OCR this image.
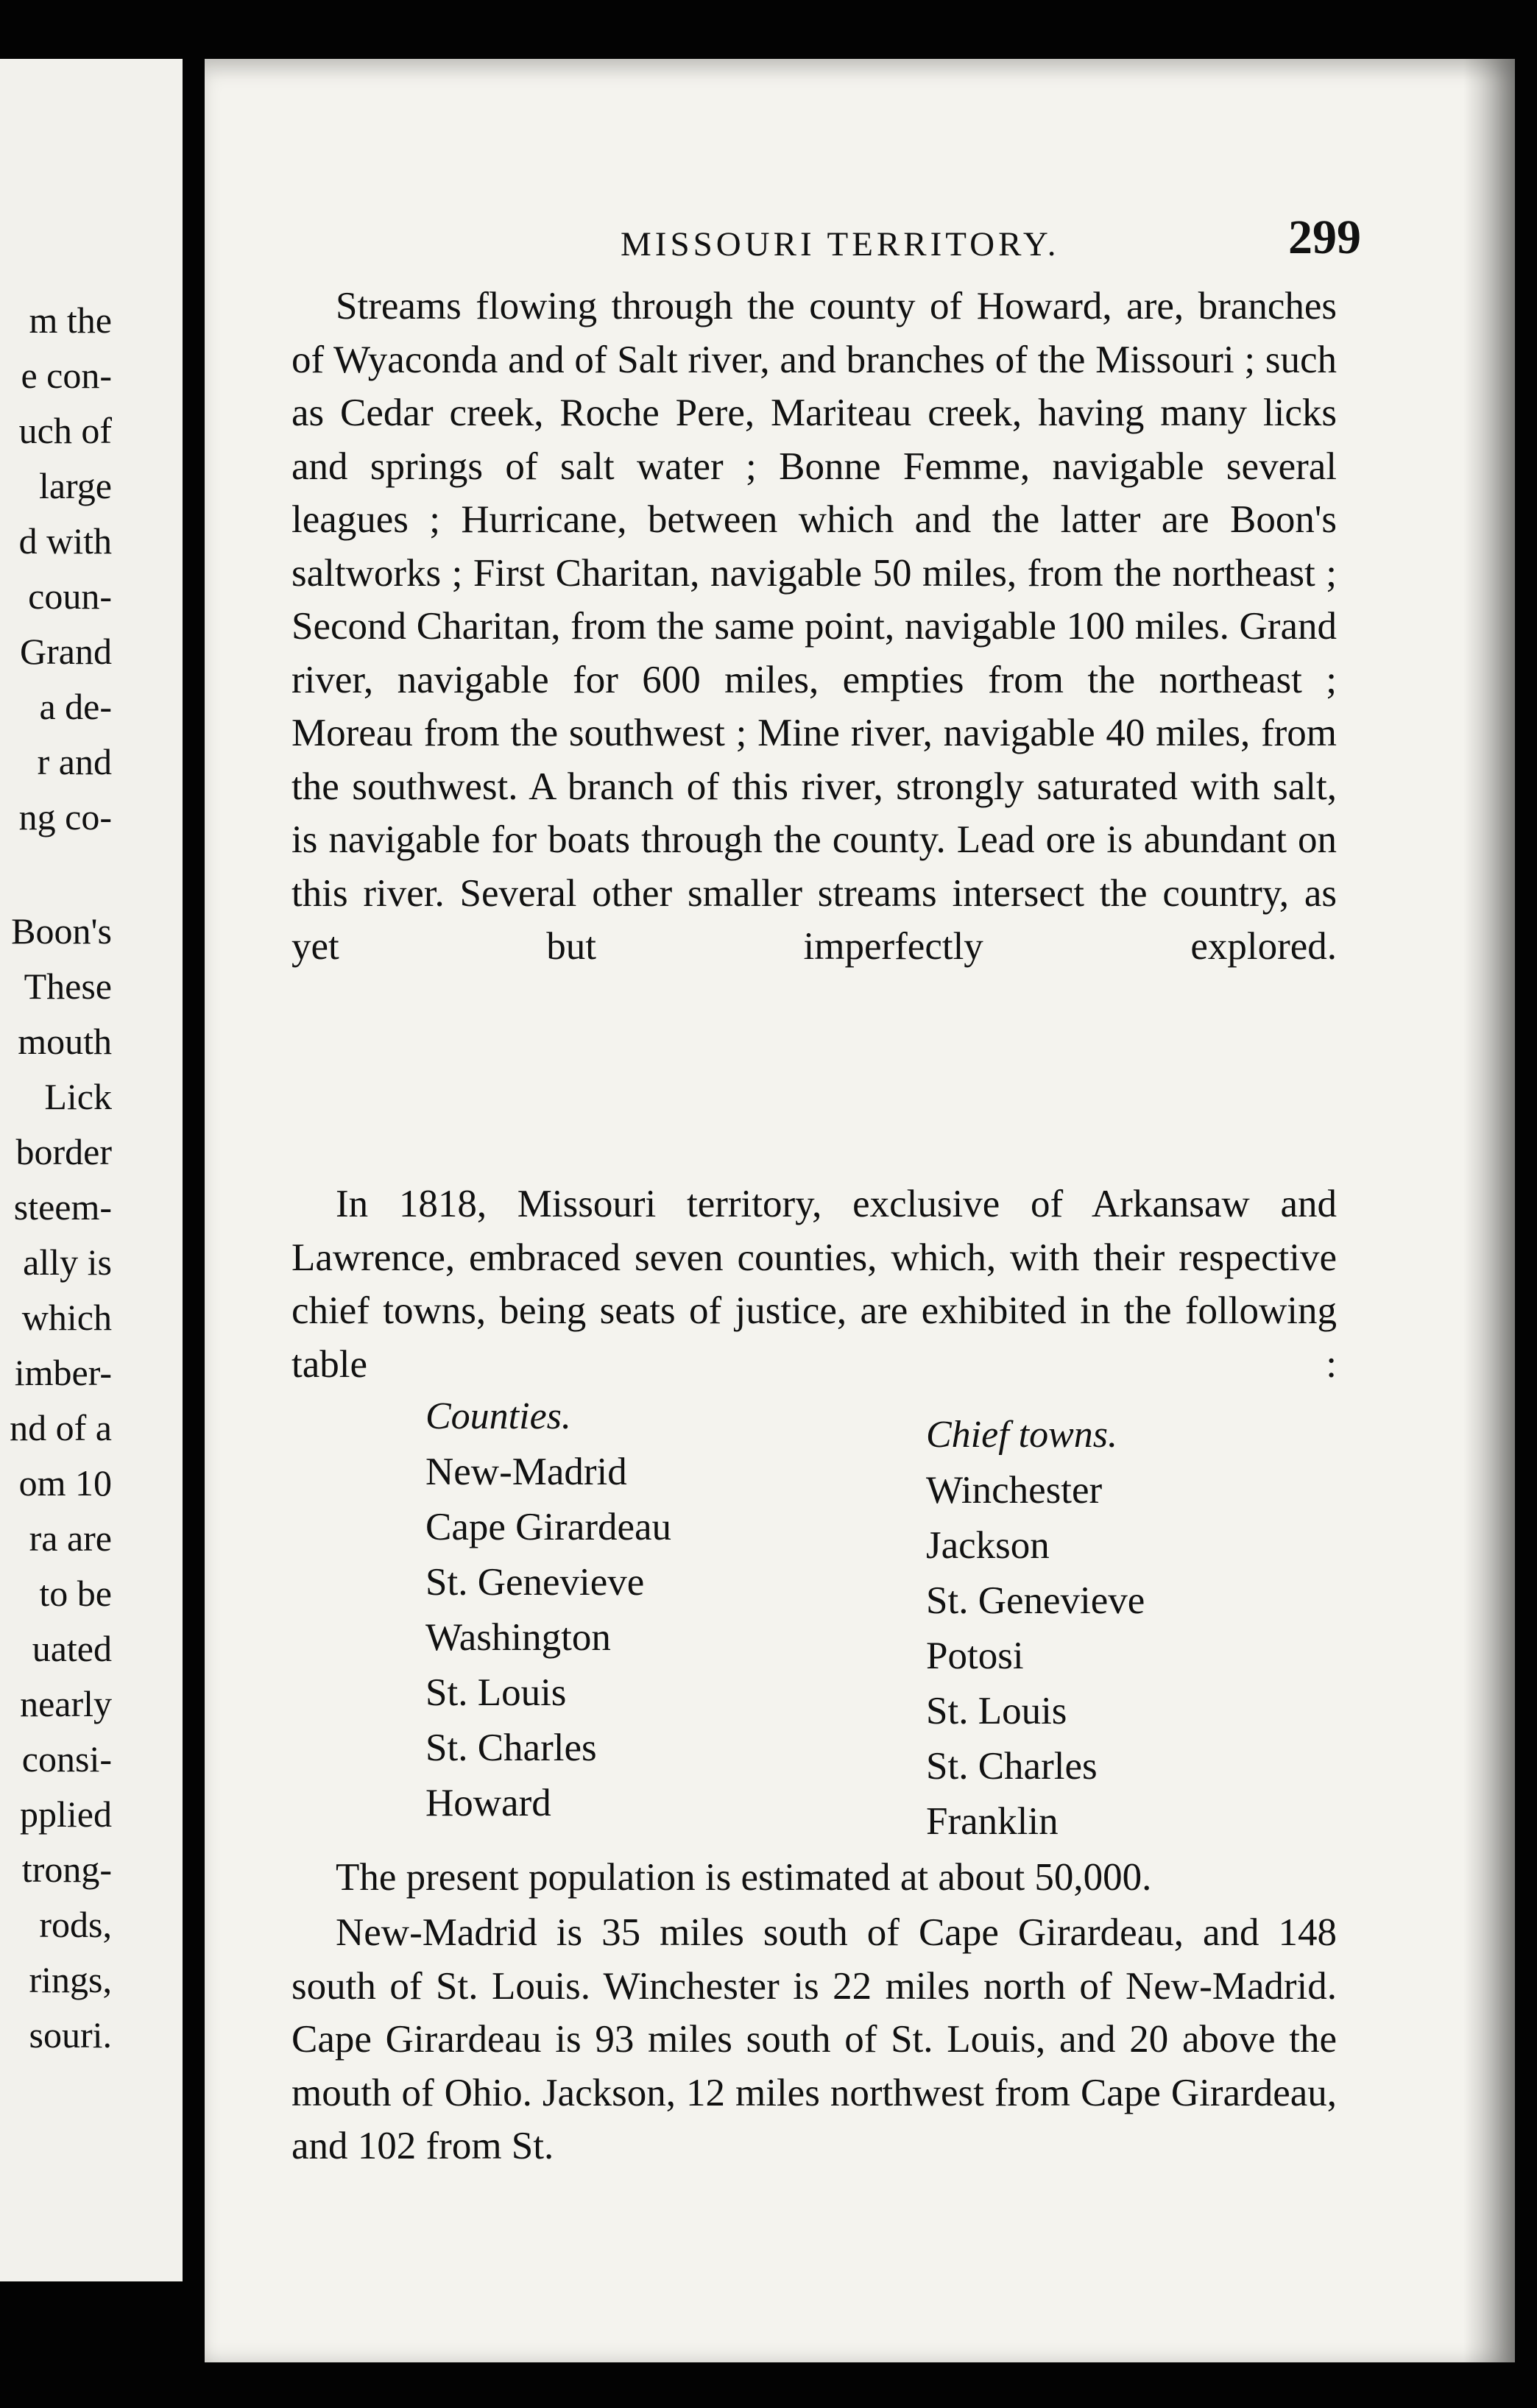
m the
e con-
uch of
large
d with
coun-
Grand
a de-
r and
ng co-
Boon's
These
mouth
Lick
border
steem-
ally is
which
imber-
nd of a
om 10
ra are
to be
uated
nearly
consi-
pplied
trong-
rods,
rings,
souri.
MISSOURI TERRITORY.	299
Streams flowing through the county of Howard, are, branches of Wyaconda and of Salt river, and branches of the Missouri ; such as Cedar creek, Roche Pere, Mariteau creek, having many licks and springs of salt water ; Bonne Femme, navigable several leagues ; Hurricane, between which and the latter are Boon's saltworks ; First Charitan, navigable 50 miles, from the northeast ; Second Charitan, from the same point, navigable 100 miles. Grand river, navigable for 600 miles, empties from the northeast ; Moreau from the southwest ; Mine river, navigable 40 miles, from the southwest. A branch of this river, strongly saturated with salt, is navigable for boats through the county. Lead ore is abundant on this river. Several other smaller streams intersect the country, as yet but imperfectly explored.
In 1818, Missouri territory, exclusive of Arkansaw and Lawrence, embraced seven counties, which, with their respective chief towns, being seats of justice, are exhibited in the following table :
Counties.	Chief towns.
New-Madrid	Winchester
Cape Girardeau	Jackson
St. Genevieve	St. Genevieve
Washington	Potosi
St. Louis	St. Louis
St. Charles	St. Charles
Howard	Franklin
The present population is estimated at about 50,000.
New-Madrid is 35 miles south of Cape Girardeau, and 148 south of St. Louis. Winchester is 22 miles north of New-Madrid. Cape Girardeau is 93 miles south of St. Louis, and 20 above the mouth of Ohio. Jackson, 12 miles northwest from Cape Girardeau, and 102 from St.
